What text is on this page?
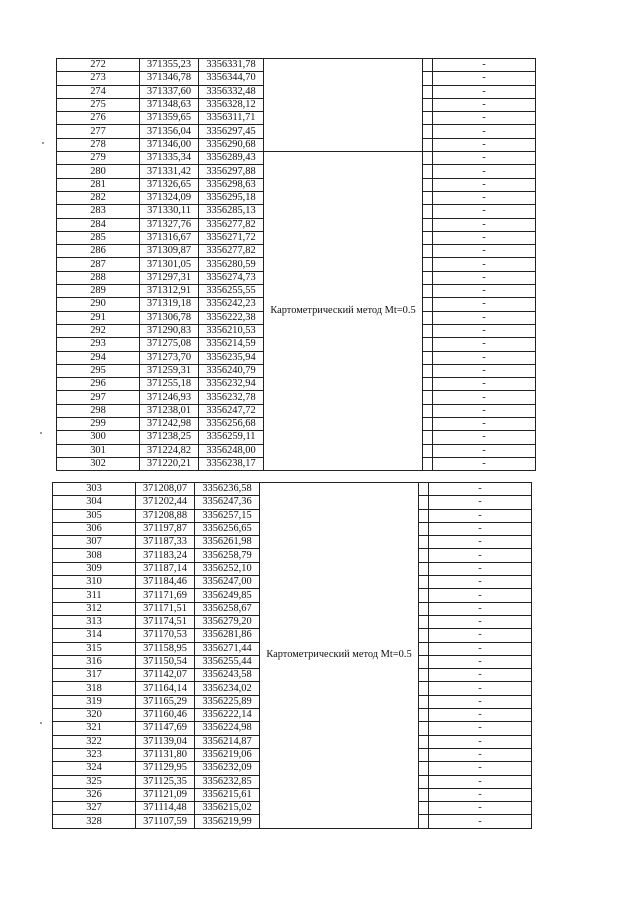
272	371355,23	3356331,78			-
273	371346,78	3356344,70			-
274	371337,60	3356332,48			-
275	371348,63	3356328,12			-
276	371359,65	3356311,71			-
277	371356,04	3356297,45			-
278	371346,00	3356290,68			-
279	371335,34	3356289,43	Картометрический метод Mt=0.5		-
280	371331,42	3356297,88			-
281	371326,65	3356298,63			-
282	371324,09	3356295,18			-
283	371330,11	3356285,13			-
284	371327,76	3356277,82			-
285	371316,67	3356271,72			-
286	371309,87	3356277,82			-
287	371301,05	3356280,59			-
288	371297,31	3356274,73			-
289	371312,91	3356255,55			-
290	371319,18	3356242,23			-
291	371306,78	3356222,38			-
292	371290,83	3356210,53			-
293	371275,08	3356214,59			-
294	371273,70	3356235,94			-
295	371259,31	3356240,79			-
296	371255,18	3356232,94			-
297	371246,93	3356232,78			-
298	371238,01	3356247,72			-
299	371242,98	3356256,68			-
300	371238,25	3356259,11			-
301	371224,82	3356248,00			-
302	371220,21	3356238,17			-
303	371208,07	3356236,58	Картометрический метод Mt=0.5		-
304	371202,44	3356247,36			-
305	371208,88	3356257,15			-
306	371197,87	3356256,65			-
307	371187,33	3356261,98			-
308	371183,24	3356258,79			-
309	371187,14	3356252,10			-
310	371184,46	3356247,00			-
311	371171,69	3356249,85			-
312	371171,51	3356258,67			-
313	371174,51	3356279,20			-
314	371170,53	3356281,86			-
315	371158,95	3356271,44			-
316	371150,54	3356255,44			-
317	371142,07	3356243,58			-
318	371164,14	3356234,02			-
319	371165,29	3356225,89			-
320	371160,46	3356222,14			-
321	371147,69	3356224,98			-
322	371139,04	3356214,87			-
323	371131,80	3356219,06			-
324	371129,95	3356232,09			-
325	371125,35	3356232,85			-
326	371121,09	3356215,61			-
327	371114,48	3356215,02			-
328	371107,59	3356219,99			-
